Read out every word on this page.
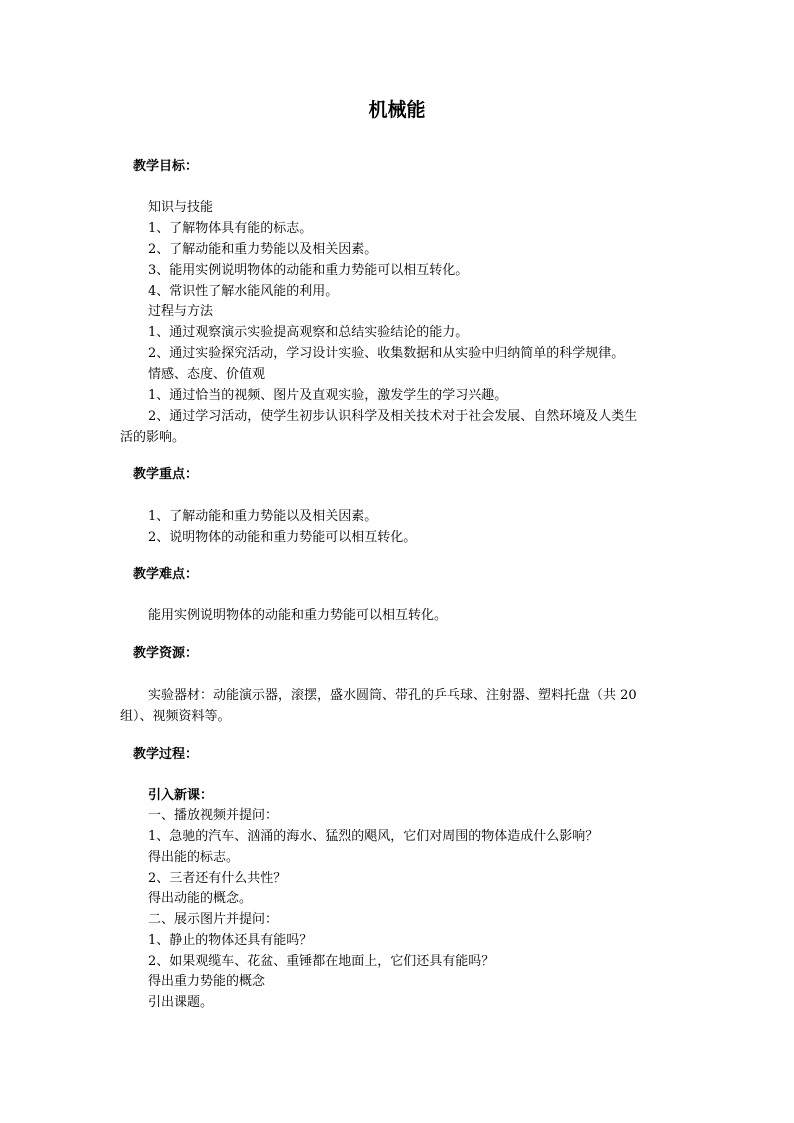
机械能
教学目标：
知识与技能
1、了解物体具有能的标志。
2、了解动能和重力势能以及相关因素。
3、能用实例说明物体的动能和重力势能可以相互转化。
4、常识性了解水能风能的利用。
过程与方法
1、通过观察演示实验提高观察和总结实验结论的能力。
2、通过实验探究活动，学习设计实验、收集数据和从实验中归纳简单的科学规律。
情感、态度、价值观
1、通过恰当的视频、图片及直观实验，激发学生的学习兴趣。
2、通过学习活动，使学生初步认识科学及相关技术对于社会发展、自然环境及人类生
活的影响。
教学重点：
1、了解动能和重力势能以及相关因素。
2、说明物体的动能和重力势能可以相互转化。
教学难点：
能用实例说明物体的动能和重力势能可以相互转化。
教学资源：
实验器材：动能演示器，滚摆，盛水圆筒、带孔的乒乓球、注射器、塑料托盘（共 20
组）、视频资料等。
教学过程：
引入新课：
一、播放视频并提问：
1、急驰的汽车、汹涌的海水、猛烈的飓风，它们对周围的物体造成什么影响？
得出能的标志。
2、三者还有什么共性？
得出动能的概念。
二、展示图片并提问：
1、静止的物体还具有能吗？
2、如果观缆车、花盆、重锤都在地面上，它们还具有能吗？
得出重力势能的概念
引出课题。
